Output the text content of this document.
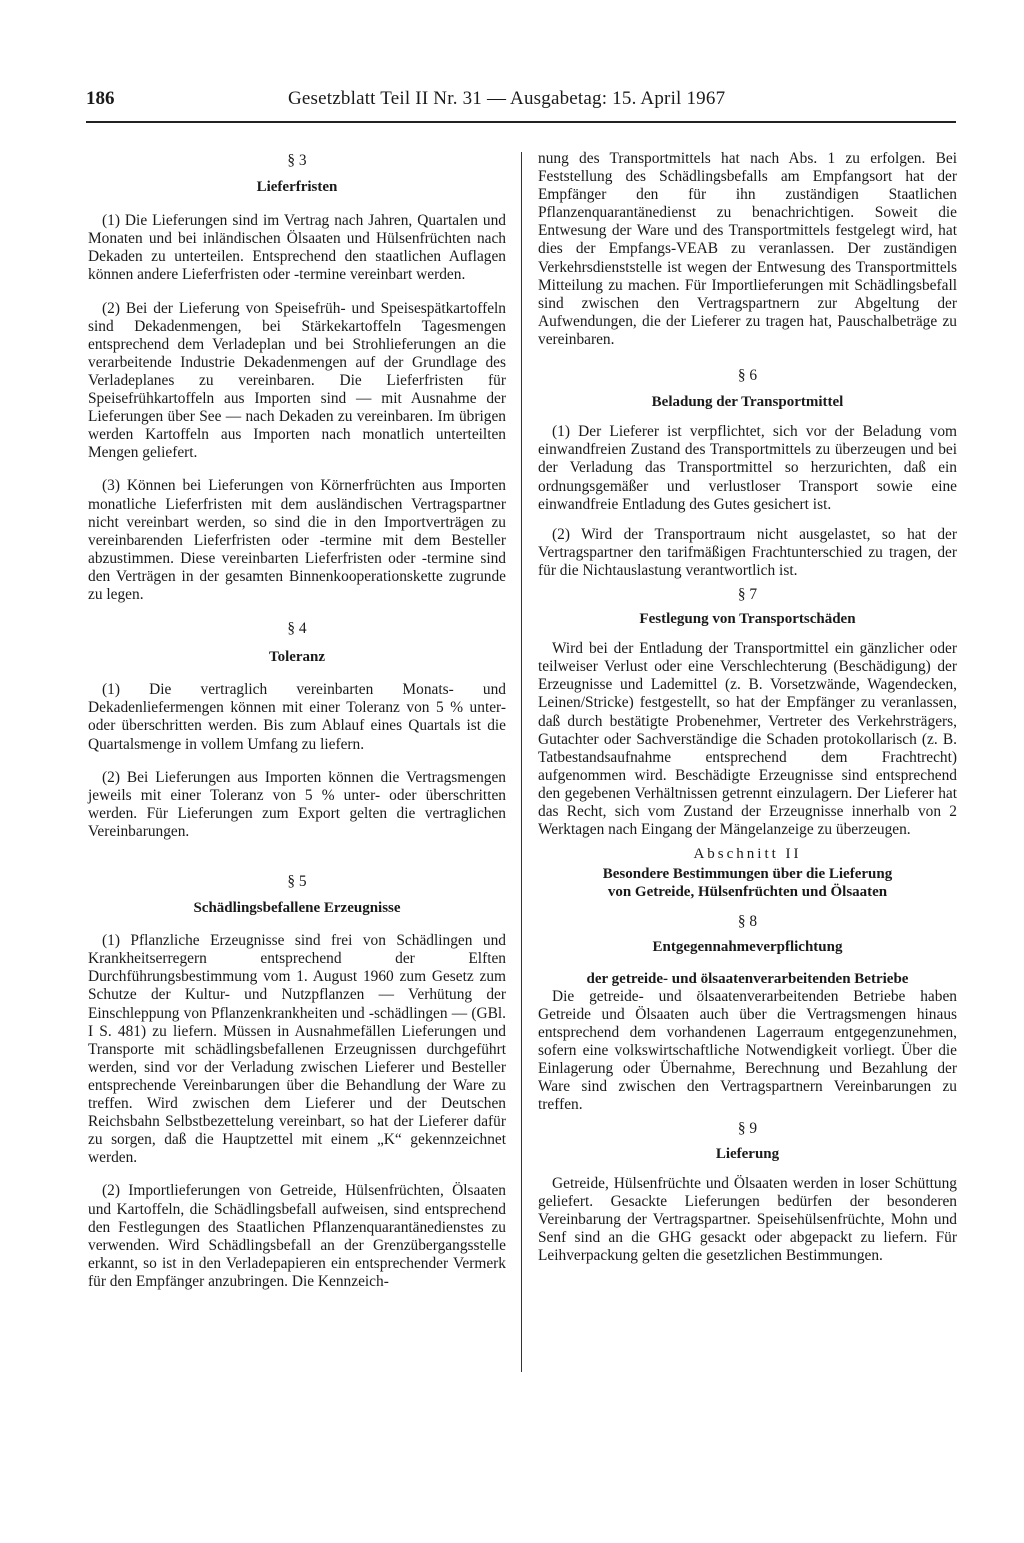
186	Gesetzblatt Teil II Nr. 31 — Ausgabetag: 15. April 1967

§ 3

Lieferfristen

(1) Die Lieferungen sind im Vertrag nach Jahren, Quartalen und Monaten und bei inländischen Ölsaaten und Hülsenfrüchten nach Dekaden zu unterteilen. Entsprechend den staatlichen Auflagen können andere Lieferfristen oder -termine vereinbart werden.

(2) Bei der Lieferung von Speisefrüh- und Speisespätkartoffeln sind Dekadenmengen, bei Stärkekartoffeln Tagesmengen entsprechend dem Verladeplan und bei Strohlieferungen an die verarbeitende Industrie Dekadenmengen auf der Grundlage des Verladeplanes zu vereinbaren. Die Lieferfristen für Speisefrühkartoffeln aus Importen sind — mit Ausnahme der Lieferungen über See — nach Dekaden zu vereinbaren. Im übrigen werden Kartoffeln aus Importen nach monatlich unterteilten Mengen geliefert.

(3) Können bei Lieferungen von Körnerfrüchten aus Importen monatliche Lieferfristen mit dem ausländischen Vertragspartner nicht vereinbart werden, so sind die in den Importverträgen zu vereinbarenden Lieferfristen oder -termine mit dem Besteller abzustimmen. Diese vereinbarten Lieferfristen oder -termine sind den Verträgen in der gesamten Binnenkooperationskette zugrunde zu legen.

§ 4

Toleranz

(1) Die vertraglich vereinbarten Monats- und Dekadenliefermengen können mit einer Toleranz von 5 % unter- oder überschritten werden. Bis zum Ablauf eines Quartals ist die Quartalsmenge in vollem Umfang zu liefern.

(2) Bei Lieferungen aus Importen können die Vertragsmengen jeweils mit einer Toleranz von 5 % unter- oder überschritten werden. Für Lieferungen zum Export gelten die vertraglichen Vereinbarungen.

§ 5

Schädlingsbefallene Erzeugnisse

(1) Pflanzliche Erzeugnisse sind frei von Schädlingen und Krankheitserregern entsprechend der Elften Durchführungsbestimmung vom 1. August 1960 zum Gesetz zum Schutze der Kultur- und Nutzpflanzen — Verhütung der Einschleppung von Pflanzenkrankheiten und -schädlingen — (GBl. I S. 481) zu liefern. Müssen in Ausnahmefällen Lieferungen und Transporte mit schädlingsbefallenen Erzeugnissen durchgeführt werden, sind vor der Verladung zwischen Lieferer und Besteller entsprechende Vereinbarungen über die Behandlung der Ware zu treffen. Wird zwischen dem Lieferer und der Deutschen Reichsbahn Selbstbezettelung vereinbart, so hat der Lieferer dafür zu sorgen, daß die Hauptzettel mit einem „K“ gekennzeichnet werden.

(2) Importlieferungen von Getreide, Hülsenfrüchten, Ölsaaten und Kartoffeln, die Schädlingsbefall aufweisen, sind entsprechend den Festlegungen des Staatlichen Pflanzenquarantänedienstes zu verwenden. Wird Schädlingsbefall an der Grenzübergangsstelle erkannt, so ist in den Verladepapieren ein entsprechender Vermerk für den Empfänger anzubringen. Die Kennzeich-

nung des Transportmittels hat nach Abs. 1 zu erfolgen. Bei Feststellung des Schädlingsbefalls am Empfangsort hat der Empfänger den für ihn zuständigen Staatlichen Pflanzenquarantänedienst zu benachrichtigen. Soweit die Entwesung der Ware und des Transportmittels festgelegt wird, hat dies der Empfangs-VEAB zu veranlassen. Der zuständigen Verkehrsdienststelle ist wegen der Entwesung des Transportmittels Mitteilung zu machen. Für Importlieferungen mit Schädlingsbefall sind zwischen den Vertragspartnern zur Abgeltung der Aufwendungen, die der Lieferer zu tragen hat, Pauschalbeträge zu vereinbaren.

§ 6

Beladung der Transportmittel

(1) Der Lieferer ist verpflichtet, sich vor der Beladung vom einwandfreien Zustand des Transportmittels zu überzeugen und bei der Verladung das Transportmittel so herzurichten, daß ein ordnungsgemäßer und verlustloser Transport sowie eine einwandfreie Entladung des Gutes gesichert ist.

(2) Wird der Transportraum nicht ausgelastet, so hat der Vertragspartner den tarifmäßigen Frachtunterschied zu tragen, der für die Nichtauslastung verantwortlich ist.

§ 7

Festlegung von Transportschäden

Wird bei der Entladung der Transportmittel ein gänzlicher oder teilweiser Verlust oder eine Verschlechterung (Beschädigung) der Erzeugnisse und Lademittel (z. B. Vorsetzwände, Wagendecken, Leinen/Stricke) festgestellt, so hat der Empfänger zu veranlassen, daß durch bestätigte Probenehmer, Vertreter des Verkehrsträgers, Gutachter oder Sachverständige die Schaden protokollarisch (z. B. Tatbestandsaufnahme entsprechend dem Frachtrecht) aufgenommen wird. Beschädigte Erzeugnisse sind entsprechend den gegebenen Verhältnissen getrennt einzulagern. Der Lieferer hat das Recht, sich vom Zustand der Erzeugnisse innerhalb von 2 Werktagen nach Eingang der Mängelanzeige zu überzeugen.

Abschnitt II

Besondere Bestimmungen über die Lieferung

von Getreide, Hülsenfrüchten und Ölsaaten

§ 8

Entgegennahmeverpflichtung

der getreide- und ölsaatenverarbeitenden Betriebe

Die getreide- und ölsaatenverarbeitenden Betriebe haben Getreide und Ölsaaten auch über die Vertragsmengen hinaus entsprechend dem vorhandenen Lagerraum entgegenzunehmen, sofern eine volkswirtschaftliche Notwendigkeit vorliegt. Über die Einlagerung oder Übernahme, Berechnung und Bezahlung der Ware sind zwischen den Vertragspartnern Vereinbarungen zu treffen.

§ 9

Lieferung

Getreide, Hülsenfrüchte und Ölsaaten werden in loser Schüttung geliefert. Gesackte Lieferungen bedürfen der besonderen Vereinbarung der Vertragspartner. Speisehülsenfrüchte, Mohn und Senf sind an die GHG gesackt oder abgepackt zu liefern. Für Leihverpackung gelten die gesetzlichen Bestimmungen.
